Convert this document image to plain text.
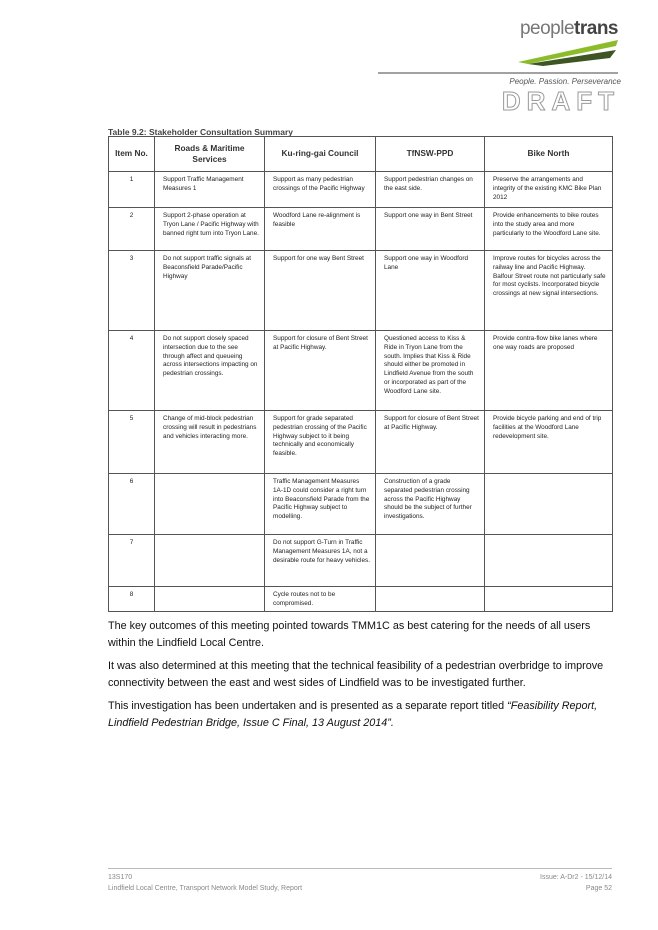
peopletrans
People. Passion. Perseverance
DRAFT
Table 9.2: Stakeholder Consultation Summary
Item No.	Roads & Maritime Services	Ku-ring-gai Council	TfNSW-PPD	Bike North
1	Support Traffic Management Measures 1	Support as many pedestrian crossings of the Pacific Highway	Support pedestrian changes on the east side.	Preserve the arrangements and integrity of the existing KMC Bike Plan 2012
2	Support 2-phase operation at Tryon Lane / Pacific Highway with banned right turn into Tryon Lane.	Woodford Lane re-alignment is feasible	Support one way in Bent Street	Provide enhancements to bike routes into the study area and more particularly to the Woodford Lane site.
3	Do not support traffic signals at Beaconsfield Parade/Pacific Highway	Support for one way Bent Street	Support one way in Woodford Lane	Improve routes for bicycles across the railway line and Pacific Highway. Balfour Street route not particularly safe for most cyclists. Incorporated bicycle crossings at new signal intersections.
4	Do not support closely spaced intersection due to the see through affect and queueing across intersections impacting on pedestrian crossings.	Support for closure of Bent Street at Pacific Highway.	Questioned access to Kiss & Ride in Tryon Lane from the south. Implies that Kiss & Ride should either be promoted in Lindfield Avenue from the south or incorporated as part of the Woodford Lane site.	Provide contra-flow bike lanes where one way roads are proposed
5	Change of mid-block pedestrian crossing will result in pedestrians and vehicles interacting more.	Support for grade separated pedestrian crossing of the Pacific Highway subject to it being technically and economically feasible.	Support for closure of Bent Street at Pacific Highway.	Provide bicycle parking and end of trip facilities at the Woodford Lane redevelopment site.
6		Traffic Management Measures 1A-1D could consider a right turn into Beaconsfield Parade from the Pacific Highway subject to modelling.	Construction of a grade separated pedestrian crossing across the Pacific Highway should be the subject of further investigations.	
7		Do not support G-Turn in Traffic Management Measures 1A, not a desirable route for heavy vehicles.		
8		Cycle routes not to be compromised.		
The key outcomes of this meeting pointed towards TMM1C as best catering for the needs of all users within the Lindfield Local Centre.
It was also determined at this meeting that the technical feasibility of a pedestrian overbridge to improve connectivity between the east and west sides of Lindfield was to be investigated further.
This investigation has been undertaken and is presented as a separate report titled “Feasibility Report, Lindfield Pedestrian Bridge, Issue C Final, 13 August 2014”.
13S170
Lindfield Local Centre, Transport Network Model Study, Report
Issue: A-Dr2 - 15/12/14
Page 52
